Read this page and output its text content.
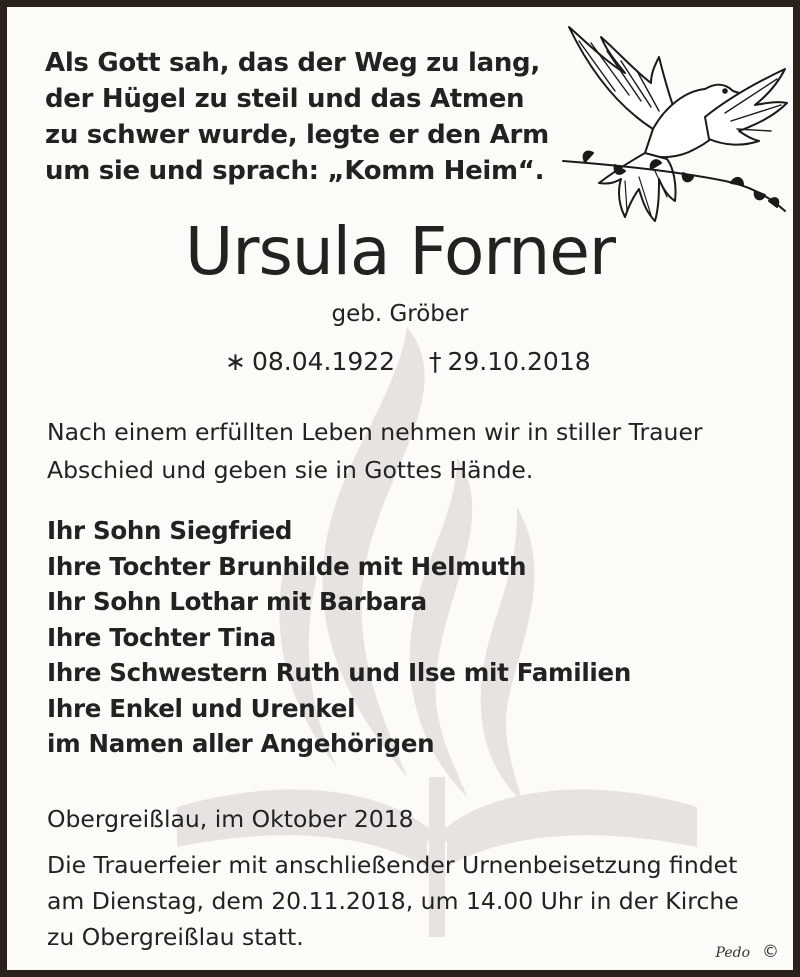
Als Gott sah, das der Weg zu lang,
der Hügel zu steil und das Atmen
zu schwer wurde, legte er den Arm
um sie und sprach: „Komm Heim“.
Ursula Forner
geb. Gröber
∗ 08.04.1922 † 29.10.2018
Nach einem erfüllten Leben nehmen wir in stiller Trauer
Abschied und geben sie in Gottes Hände.
Ihr Sohn Siegfried
Ihre Tochter Brunhilde mit Helmuth
Ihr Sohn Lothar mit Barbara
Ihre Tochter Tina
Ihre Schwestern Ruth und Ilse mit Familien
Ihre Enkel und Urenkel
im Namen aller Angehörigen
Obergreißlau, im Oktober 2018
Die Trauerfeier mit anschließender Urnenbeisetzung findet
am Dienstag, dem 20.11.2018, um 14.00 Uhr in der Kirche
zu Obergreißlau statt.
Pedo ©
